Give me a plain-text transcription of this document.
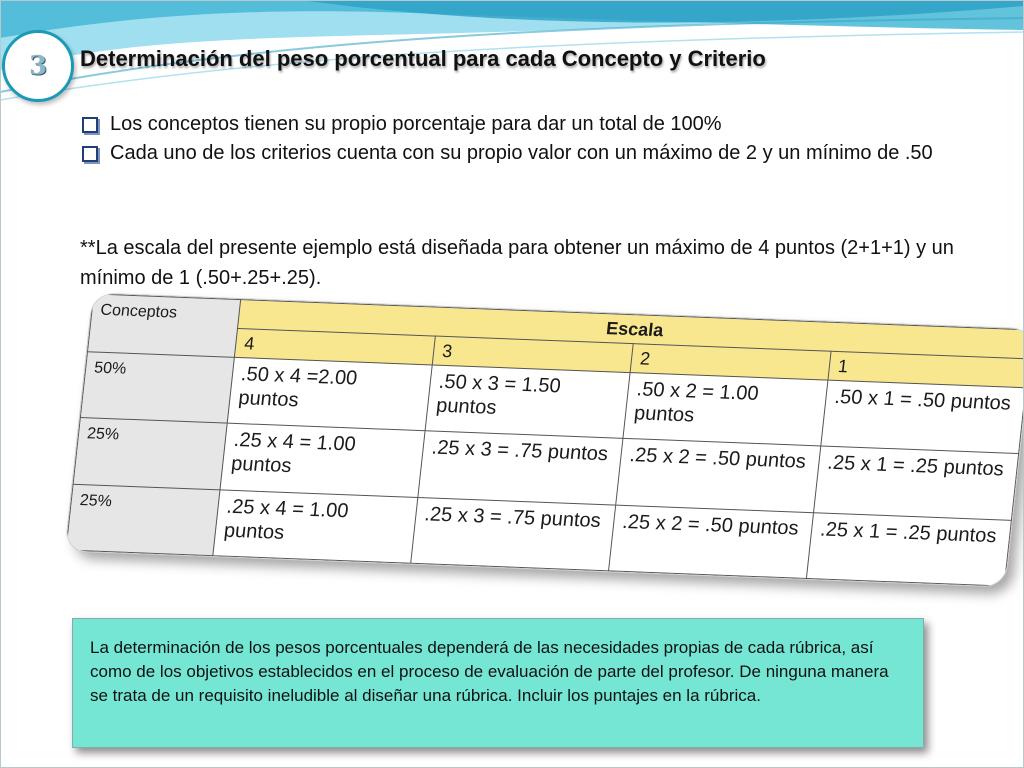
3 Determinación del peso porcentual para cada Concepto y Criterio
Los conceptos tienen su propio porcentaje para dar un total de 100%
Cada uno de los criterios cuenta con su propio valor con un máximo de 2 y un mínimo de .50
**La escala del presente ejemplo está diseñada para obtener un máximo de 4 puntos (2+1+1) y un mínimo de 1 (.50+.25+.25).
Conceptos	Escala			
	4	3	2	1
50%	.50 x 4 =2.00 puntos	.50 x 3 = 1.50 puntos	.50 x 2 = 1.00 puntos	.50 x 1 = .50 puntos
25%	.25 x 4 = 1.00 puntos	.25 x 3 = .75 puntos	.25 x 2 = .50 puntos	.25 x 1 = .25 puntos
25%	.25 x 4 = 1.00 puntos	.25 x 3 = .75 puntos	.25 x 2 = .50 puntos	.25 x 1 = .25 puntos
La determinación de los pesos porcentuales dependerá de las necesidades propias de cada rúbrica, así como de los objetivos establecidos en el proceso de evaluación de parte del profesor. De ninguna manera se trata de un requisito ineludible al diseñar una rúbrica. Incluir los puntajes en la rúbrica.
